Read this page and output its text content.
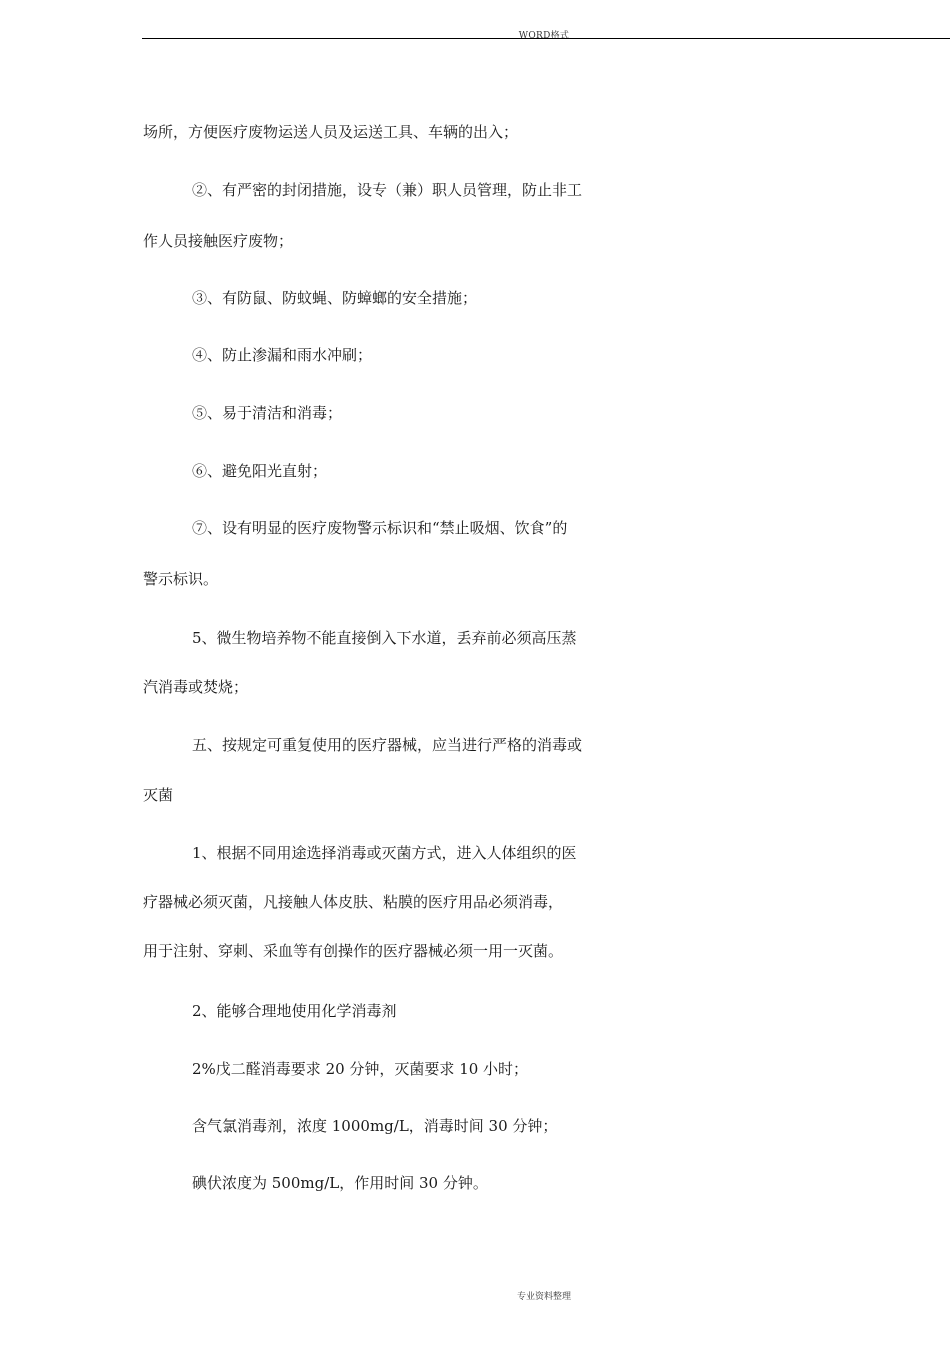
WORD格式
场所，方便医疗废物运送人员及运送工具、车辆的出入；
②、有严密的封闭措施，设专（兼）职人员管理，防止非工
作人员接触医疗废物；
③、有防鼠、防蚊蝇、防蟑螂的安全措施；
④、防止渗漏和雨水冲刷；
⑤、易于清洁和消毒；
⑥、避免阳光直射；
⑦、设有明显的医疗废物警示标识和“禁止吸烟、饮食”的
警示标识。
5、微生物培养物不能直接倒入下水道，丢弃前必须高压蒸
汽消毒或焚烧；
五、按规定可重复使用的医疗器械，应当进行严格的消毒或
灭菌
1、根据不同用途选择消毒或灭菌方式，进入人体组织的医
疗器械必须灭菌，凡接触人体皮肤、粘膜的医疗用品必须消毒，
用于注射、穿刺、采血等有创操作的医疗器械必须一用一灭菌。
2、能够合理地使用化学消毒剂
2%戊二醛消毒要求 20 分钟，灭菌要求 10 小时；
含气氯消毒剂，浓度 1000mg/L，消毒时间 30 分钟；
碘伏浓度为 500mg/L，作用时间 30 分钟。
专业资料整理
